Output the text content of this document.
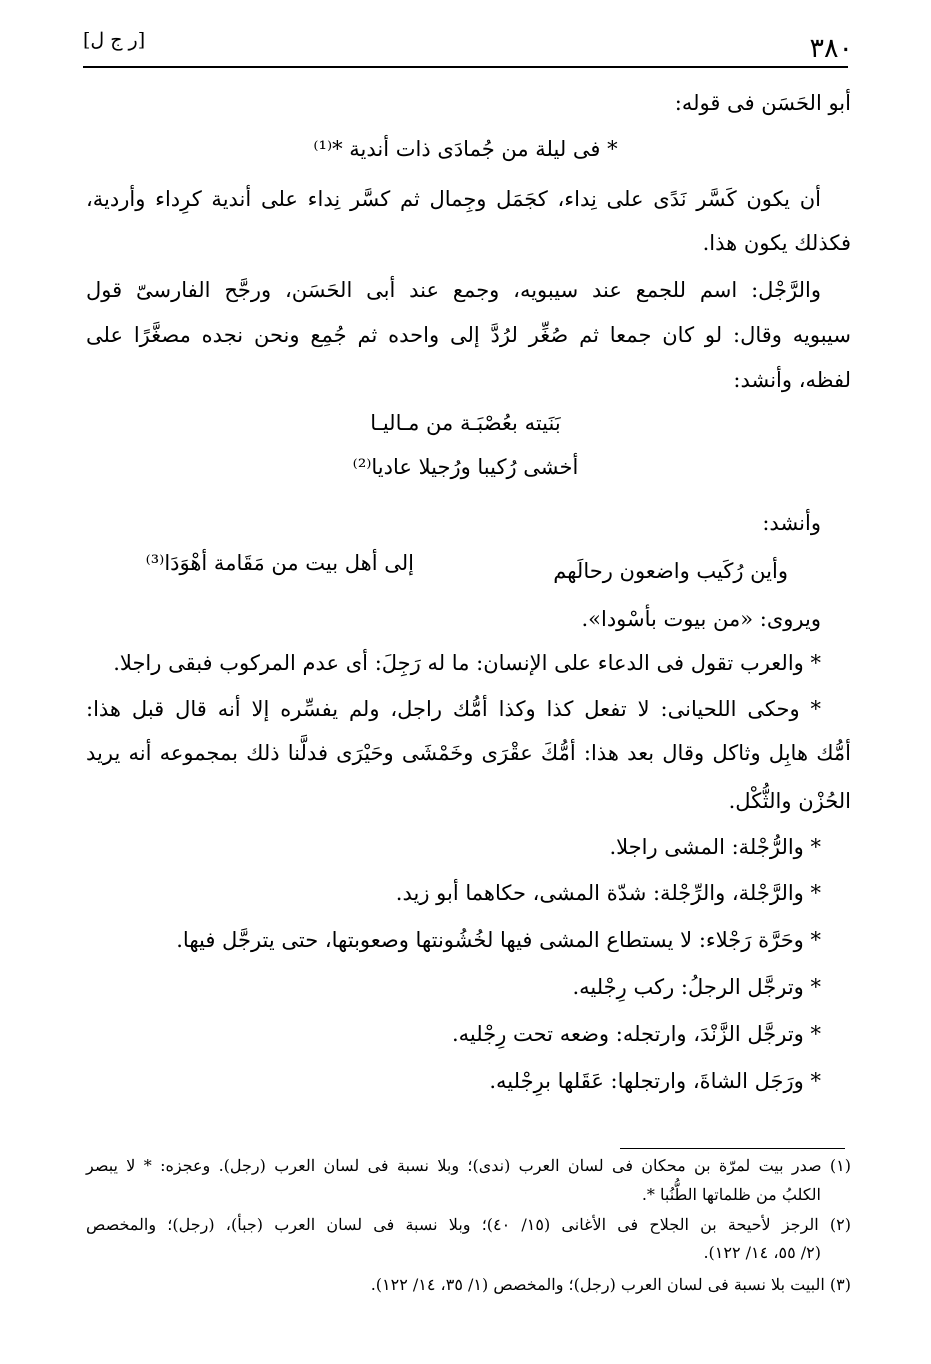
٣٨٠
[ر ج ل]
أبو الحَسَن فى قوله:
* فى ليلة من جُمادَى ذات أندية *⁽¹⁾
أن يكون كَسَّر نَدًى على نِداء، كجَمَل وجِمال ثم كسَّر نِداء على أندية كرِداء وأردية،
فكذلك يكون هذا.
والرَّجْل: اسم للجمع عند سيبويه، وجمع عند أبى الحَسَن، ورجَّح الفارسىّ قول
سيبويه وقال: لو كان جمعا ثم صُغِّر لرُدَّ إلى واحده ثم جُمِع ونحن نجده مصغَّرًا على
لفظه، وأنشد:
بَنَيته بعُصْبَـة من مـاليـا
أخشى رُكيبا ورُجيلا عاديا⁽²⁾
وأنشد:
وأين رُكَيب واضعون رحالَهم
إلى أهل بيت من مَقَامة أهْوَدَا⁽³⁾
ويروى: «من بيوت بأسْودا».
* والعرب تقول فى الدعاء على الإنسان: ما له رَجِلَ: أى عدم المركوب فبقى راجلا.
* وحكى اللحيانى: لا تفعل كذا وكذا أمُّك راجل، ولم يفسِّره إلا أنه قال قبل هذا:
أمُّك هابِل وثاكل وقال بعد هذا: أمُّكَ عقْرَى وخَمْشَى وحَيْرَى فدلَّنا ذلك بمجموعه أنه يريد
الحُزْن والثُّكْل.
* والرُّجْلة: المشى راجلا.
* والرَّجْلة، والرِّجْلة: شدّة المشى، حكاهما أبو زيد.
* وحَرَّة رَجْلاء: لا يستطاع المشى فيها لخُشُونتها وصعوبتها، حتى يترجَّل فيها.
* وترجَّل الرجلُ: ركب رِجْليه.
* وترجَّل الزَّنْدَ، وارتجله: وضعه تحت رِجْليه.
* ورَجَل الشاةَ، وارتجلها: عَقَلها برِجْليه.
(١) صدر بيت لمرّة بن محكان فى لسان العرب (ندى)؛ وبلا نسبة فى لسان العرب (رجل). وعجزه: * لا يبصر
الكلبُ من ظلماتها الطُّنُبا *.
(٢) الرجز لأحيحة بن الجلاح فى الأغانى (١٥/ ٤٠)؛ وبلا نسبة فى لسان العرب (جبأ)، (رجل)؛ والمخصص
(٢/ ٥٥، ١٤/ ١٢٢).
(٣) البيت بلا نسبة فى لسان العرب (رجل)؛ والمخصص (١/ ٣٥، ١٤/ ١٢٢).
